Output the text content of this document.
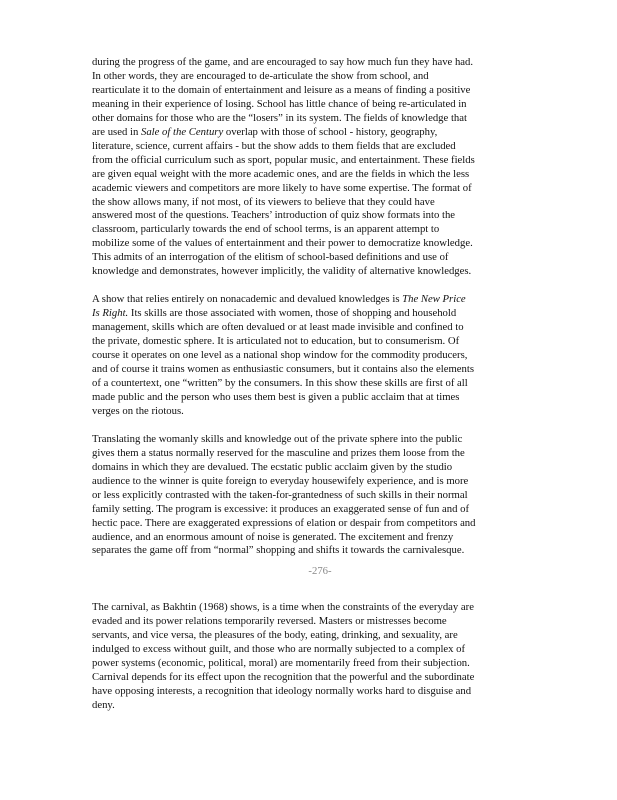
during the progress of the game, and are encouraged to say how much fun they have had.
In other words, they are encouraged to de-articulate the show from school, and
rearticulate it to the domain of entertainment and leisure as a means of finding a positive
meaning in their experience of losing. School has little chance of being re-articulated in
other domains for those who are the “losers” in its system. The fields of knowledge that
are used in Sale of the Century overlap with those of school - history, geography,
literature, science, current affairs - but the show adds to them fields that are excluded
from the official curriculum such as sport, popular music, and entertainment. These fields
are given equal weight with the more academic ones, and are the fields in which the less
academic viewers and competitors are more likely to have some expertise. The format of
the show allows many, if not most, of its viewers to believe that they could have
answered most of the questions. Teachers’ introduction of quiz show formats into the
classroom, particularly towards the end of school terms, is an apparent attempt to
mobilize some of the values of entertainment and their power to democratize knowledge.
This admits of an interrogation of the elitism of school-based definitions and use of
knowledge and demonstrates, however implicitly, the validity of alternative knowledges.
A show that relies entirely on nonacademic and devalued knowledges is The New Price
Is Right. Its skills are those associated with women, those of shopping and household
management, skills which are often devalued or at least made invisible and confined to
the private, domestic sphere. It is articulated not to education, but to consumerism. Of
course it operates on one level as a national shop window for the commodity producers,
and of course it trains women as enthusiastic consumers, but it contains also the elements
of a countertext, one “written” by the consumers. In this show these skills are first of all
made public and the person who uses them best is given a public acclaim that at times
verges on the riotous.
Translating the womanly skills and knowledge out of the private sphere into the public
gives them a status normally reserved for the masculine and prizes them loose from the
domains in which they are devalued. The ecstatic public acclaim given by the studio
audience to the winner is quite foreign to everyday housewifely experience, and is more
or less explicitly contrasted with the taken-for-grantedness of such skills in their normal
family setting. The program is excessive: it produces an exaggerated sense of fun and of
hectic pace. There are exaggerated expressions of elation or despair from competitors and
audience, and an enormous amount of noise is generated. The excitement and frenzy
separates the game off from “normal” shopping and shifts it towards the carnivalesque.
-276-
The carnival, as Bakhtin (1968) shows, is a time when the constraints of the everyday are
evaded and its power relations temporarily reversed. Masters or mistresses become
servants, and vice versa, the pleasures of the body, eating, drinking, and sexuality, are
indulged to excess without guilt, and those who are normally subjected to a complex of
power systems (economic, political, moral) are momentarily freed from their subjection.
Carnival depends for its effect upon the recognition that the powerful and the subordinate
have opposing interests, a recognition that ideology normally works hard to disguise and
deny.
